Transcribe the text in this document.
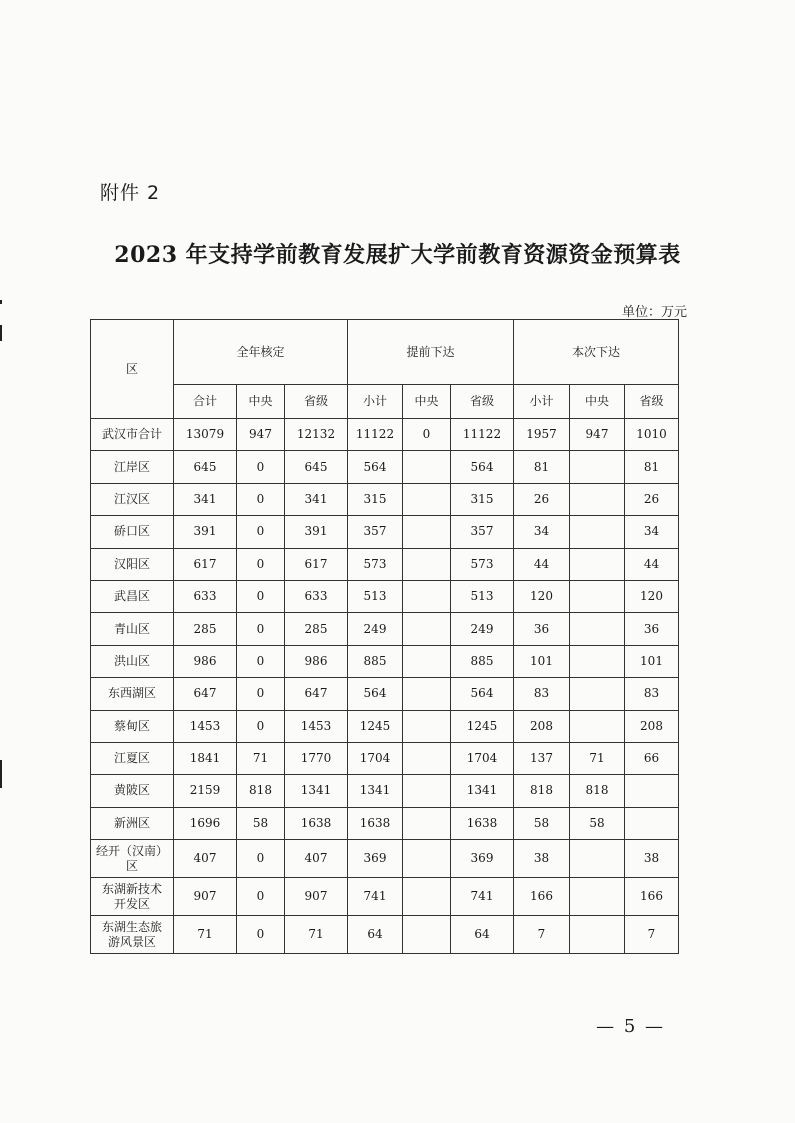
附件 2
2023 年支持学前教育发展扩大学前教育资源资金预算表
单位：万元
区	全年核定			提前下达			本次下达		
	合计	中央	省级	小计	中央	省级	小计	中央	省级
武汉市合计	13079	947	12132	11122	0	11122	1957	947	1010
江岸区	645	0	645	564		564	81		81
江汉区	341	0	341	315		315	26		26
硚口区	391	0	391	357		357	34		34
汉阳区	617	0	617	573		573	44		44
武昌区	633	0	633	513		513	120		120
青山区	285	0	285	249		249	36		36
洪山区	986	0	986	885		885	101		101
东西湖区	647	0	647	564		564	83		83
蔡甸区	1453	0	1453	1245		1245	208		208
江夏区	1841	71	1770	1704		1704	137	71	66
黄陂区	2159	818	1341	1341		1341	818	818	
新洲区	1696	58	1638	1638		1638	58	58	

经开（汉南）
区	407	0	407	369		369	38		38

东湖新技术
开发区	907	0	907	741		741	166		166

东湖生态旅
游风景区	71	0	71	64		64	7		7
— 5 —
